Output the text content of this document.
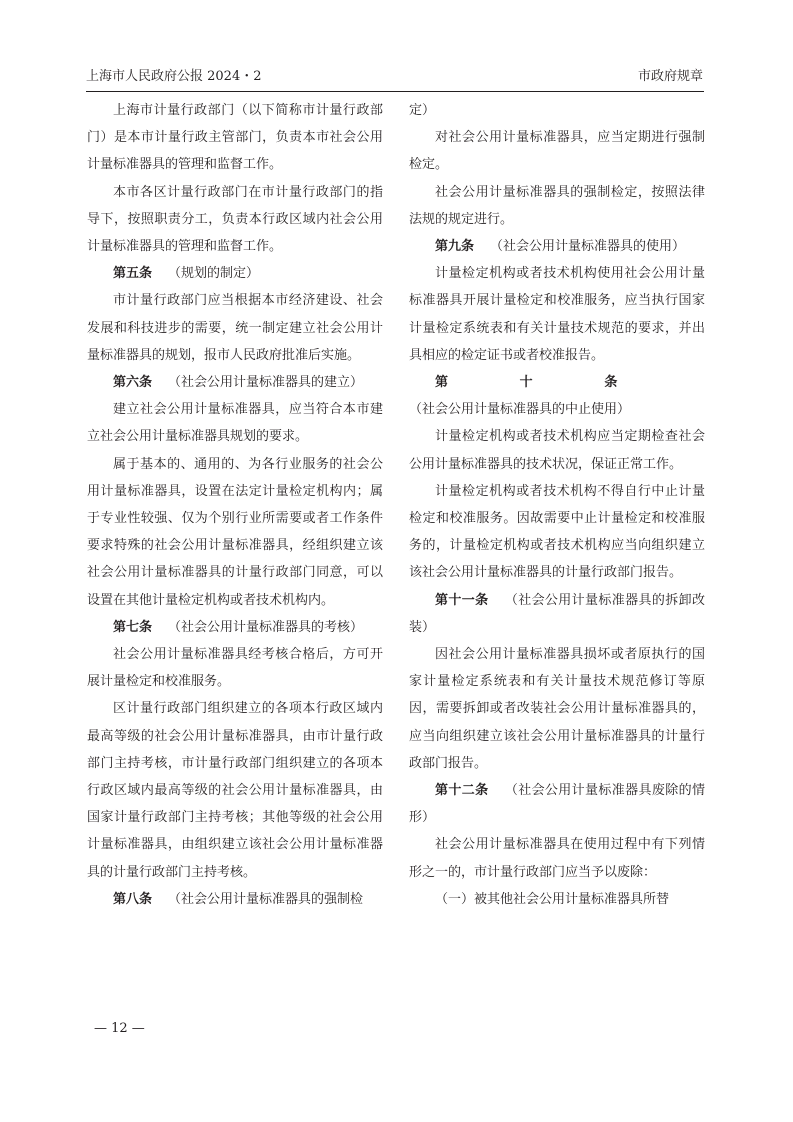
上海市人民政府公报 2024・2	市政府规章

上海市计量行政部门（以下简称市计量行政部门）是本市计量行政主管部门，负责本市社会公用计量标准器具的管理和监督工作。

本市各区计量行政部门在市计量行政部门的指导下，按照职责分工，负责本行政区域内社会公用计量标准器具的管理和监督工作。

第五条 （规划的制定）

市计量行政部门应当根据本市经济建设、社会发展和科技进步的需要，统一制定建立社会公用计量标准器具的规划，报市人民政府批准后实施。

第六条 （社会公用计量标准器具的建立）

建立社会公用计量标准器具，应当符合本市建立社会公用计量标准器具规划的要求。

属于基本的、通用的、为各行业服务的社会公用计量标准器具，设置在法定计量检定机构内；属于专业性较强、仅为个别行业所需要或者工作条件要求特殊的社会公用计量标准器具，经组织建立该社会公用计量标准器具的计量行政部门同意，可以设置在其他计量检定机构或者技术机构内。

第七条 （社会公用计量标准器具的考核）

社会公用计量标准器具经考核合格后，方可开展计量检定和校准服务。

区计量行政部门组织建立的各项本行政区域内最高等级的社会公用计量标准器具，由市计量行政部门主持考核，市计量行政部门组织建立的各项本行政区域内最高等级的社会公用计量标准器具，由国家计量行政部门主持考核；其他等级的社会公用计量标准器具，由组织建立该社会公用计量标准器具的计量行政部门主持考核。

第八条 （社会公用计量标准器具的强制检

定）

对社会公用计量标准器具，应当定期进行强制检定。

社会公用计量标准器具的强制检定，按照法律法规的规定进行。

第九条 （社会公用计量标准器具的使用）

计量检定机构或者技术机构使用社会公用计量标准器具开展计量检定和校准服务，应当执行国家计量检定系统表和有关计量技术规范的要求，并出具相应的检定证书或者校准报告。

第十条（社会公用计量标准器具的中止使用）

计量检定机构或者技术机构应当定期检查社会公用计量标准器具的技术状况，保证正常工作。

计量检定机构或者技术机构不得自行中止计量检定和校准服务。因故需要中止计量检定和校准服务的，计量检定机构或者技术机构应当向组织建立该社会公用计量标准器具的计量行政部门报告。

第十一条 （社会公用计量标准器具的拆卸改装）

因社会公用计量标准器具损坏或者原执行的国家计量检定系统表和有关计量技术规范修订等原因，需要拆卸或者改装社会公用计量标准器具的，应当向组织建立该社会公用计量标准器具的计量行政部门报告。

第十二条 （社会公用计量标准器具废除的情形）

社会公用计量标准器具在使用过程中有下列情形之一的，市计量行政部门应当予以废除：

（一）被其他社会公用计量标准器具所替

— 12 —
